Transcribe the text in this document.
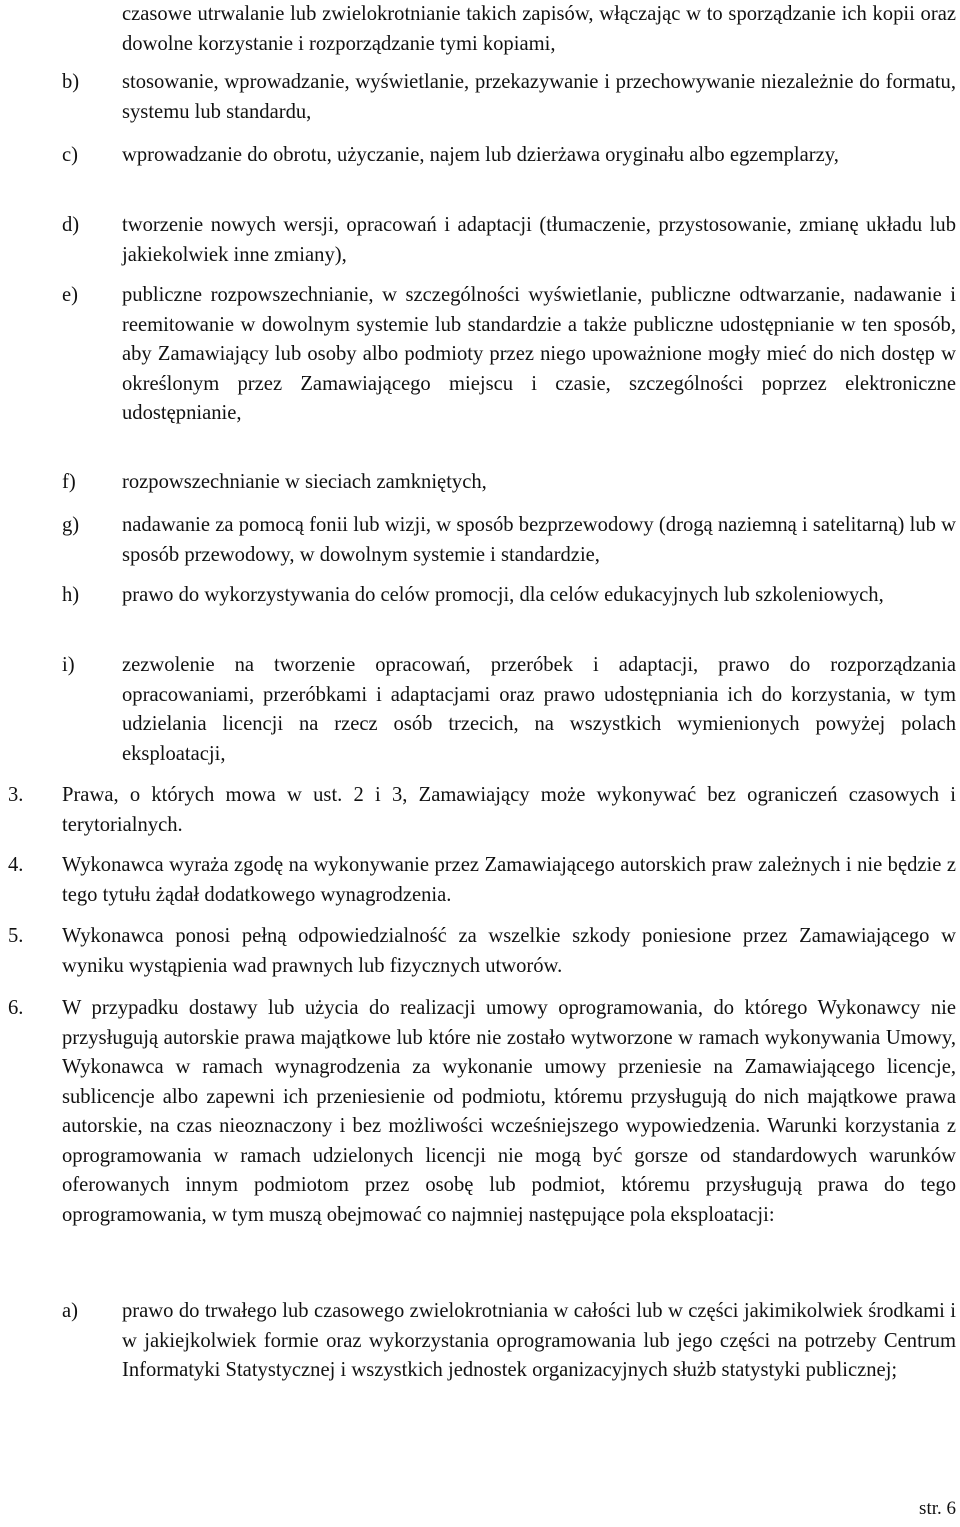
czasowe utrwalanie lub zwielokrotnianie takich zapisów, włączając w to sporządzanie ich kopii oraz dowolne korzystanie i rozporządzanie tymi kopiami,
b) stosowanie, wprowadzanie, wyświetlanie, przekazywanie i przechowywanie niezależnie do formatu, systemu lub standardu,
c) wprowadzanie do obrotu, użyczanie, najem lub dzierżawa oryginału albo egzemplarzy,
d) tworzenie nowych wersji, opracowań i adaptacji (tłumaczenie, przystosowanie, zmianę układu lub jakiekolwiek inne zmiany),
e) publiczne rozpowszechnianie, w szczególności wyświetlanie, publiczne odtwarzanie, nadawanie i reemitowanie w dowolnym systemie lub standardzie a także publiczne udostępnianie w ten sposób, aby Zamawiający lub osoby albo podmioty przez niego upoważnione mogły mieć do nich dostęp w określonym przez Zamawiającego miejscu i czasie, szczególności poprzez elektroniczne udostępnianie,
f) rozpowszechnianie w sieciach zamkniętych,
g) nadawanie za pomocą fonii lub wizji, w sposób bezprzewodowy (drogą naziemną i satelitarną) lub w sposób przewodowy, w dowolnym systemie i standardzie,
h) prawo do wykorzystywania do celów promocji, dla celów edukacyjnych lub szkoleniowych,
i) zezwolenie na tworzenie opracowań, przeróbek i adaptacji, prawo do rozporządzania opracowaniami, przeróbkami i adaptacjami oraz prawo udostępniania ich do korzystania, w tym udzielania licencji na rzecz osób trzecich, na wszystkich wymienionych powyżej polach eksploatacji,
3. Prawa, o których mowa w ust. 2 i 3, Zamawiający może wykonywać bez ograniczeń czasowych i terytorialnych.
4. Wykonawca wyraża zgodę na wykonywanie przez Zamawiającego autorskich praw zależnych i nie będzie z tego tytułu żądał dodatkowego wynagrodzenia.
5. Wykonawca ponosi pełną odpowiedzialność za wszelkie szkody poniesione przez Zamawiającego w wyniku wystąpienia wad prawnych lub fizycznych utworów.
6. W przypadku dostawy lub użycia do realizacji umowy oprogramowania, do którego Wykonawcy nie przysługują autorskie prawa majątkowe lub które nie zostało wytworzone w ramach wykonywania Umowy, Wykonawca w ramach wynagrodzenia za wykonanie umowy przeniesie na Zamawiającego licencje, sublicencje albo zapewni ich przeniesienie od podmiotu, któremu przysługują do nich majątkowe prawa autorskie, na czas nieoznaczony i bez możliwości wcześniejszego wypowiedzenia. Warunki korzystania z oprogramowania w ramach udzielonych licencji nie mogą być gorsze od standardowych warunków oferowanych innym podmiotom przez osobę lub podmiot, któremu przysługują prawa do tego oprogramowania, w tym muszą obejmować co najmniej następujące pola eksploatacji:
a) prawo do trwałego lub czasowego zwielokrotniania w całości lub w części jakimikolwiek środkami i w jakiejkolwiek formie oraz wykorzystania oprogramowania lub jego części na potrzeby Centrum Informatyki Statystycznej i wszystkich jednostek organizacyjnych służb statystyki publicznej;
str. 6
